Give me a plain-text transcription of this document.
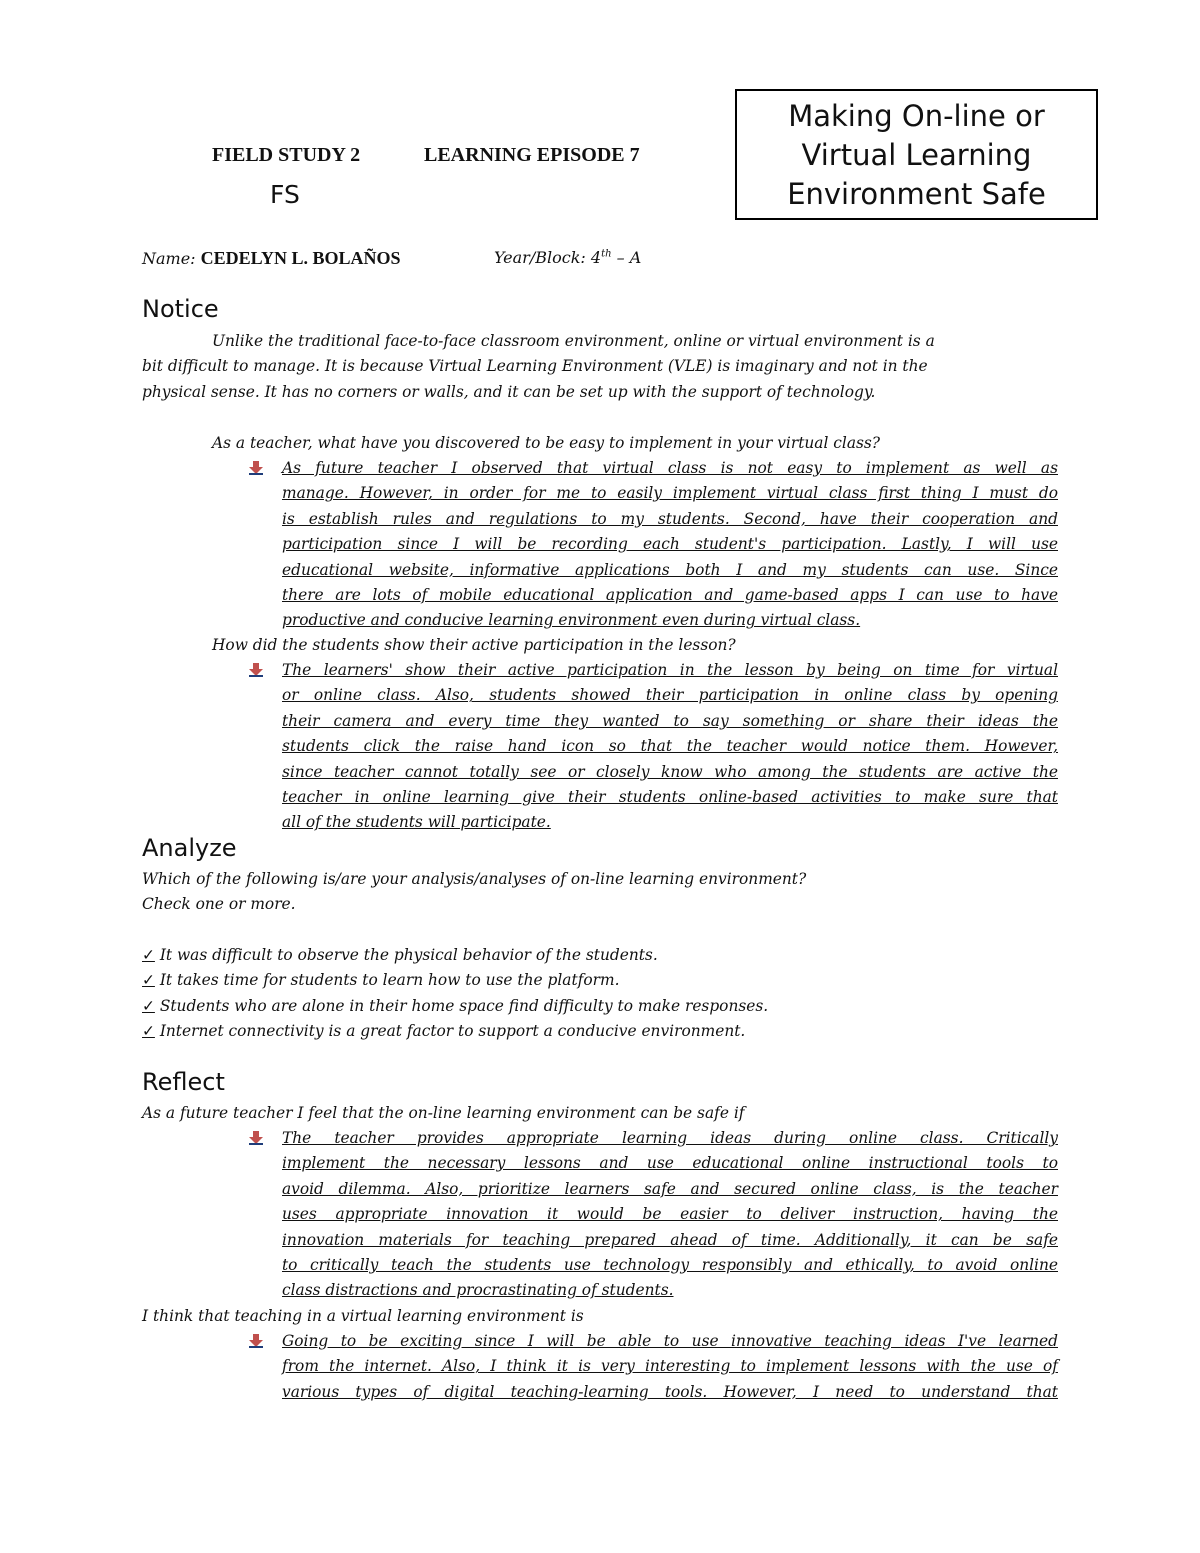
FIELD STUDY 2	LEARNING EPISODE 7
FS
Making On-line or
Virtual Learning
Environment Safe
Name: CEDELYN L. BOLAÑOS	Year/Block: 4th – A
Notice
Unlike the traditional face-to-face classroom environment, online or virtual environment is a
bit difficult to manage. It is because Virtual Learning Environment (VLE) is imaginary and not in the
physical sense. It has no corners or walls, and it can be set up with the support of technology.
As a teacher, what have you discovered to be easy to implement in your virtual class?
As future teacher I observed that virtual class is not easy to implement as well as
manage. However, in order for me to easily implement virtual class first thing I must do
is establish rules and regulations to my students. Second, have their cooperation and
participation since I will be recording each student's participation. Lastly, I will use
educational website, informative applications both I and my students can use. Since
there are lots of mobile educational application and game-based apps I can use to have
productive and conducive learning environment even during virtual class.
How did the students show their active participation in the lesson?
The learners' show their active participation in the lesson by being on time for virtual
or online class. Also, students showed their participation in online class by opening
their camera and every time they wanted to say something or share their ideas the
students click the raise hand icon so that the teacher would notice them. However,
since teacher cannot totally see or closely know who among the students are active the
teacher in online learning give their students online-based activities to make sure that
all of the students will participate.
Analyze
Which of the following is/are your analysis/analyses of on-line learning environment?
Check one or more.
✓ It was difficult to observe the physical behavior of the students.
✓ It takes time for students to learn how to use the platform.
✓ Students who are alone in their home space find difficulty to make responses.
✓ Internet connectivity is a great factor to support a conducive environment.
Reflect
As a future teacher I feel that the on-line learning environment can be safe if
The teacher provides appropriate learning ideas during online class. Critically
implement the necessary lessons and use educational online instructional tools to
avoid dilemma. Also, prioritize learners safe and secured online class, is the teacher
uses appropriate innovation it would be easier to deliver instruction, having the
innovation materials for teaching prepared ahead of time. Additionally, it can be safe
to critically teach the students use technology responsibly and ethically, to avoid online
class distractions and procrastinating of students.
I think that teaching in a virtual learning environment is
Going to be exciting since I will be able to use innovative teaching ideas I've learned
from the internet. Also, I think it is very interesting to implement lessons with the use of
various types of digital teaching-learning tools. However, I need to understand that
